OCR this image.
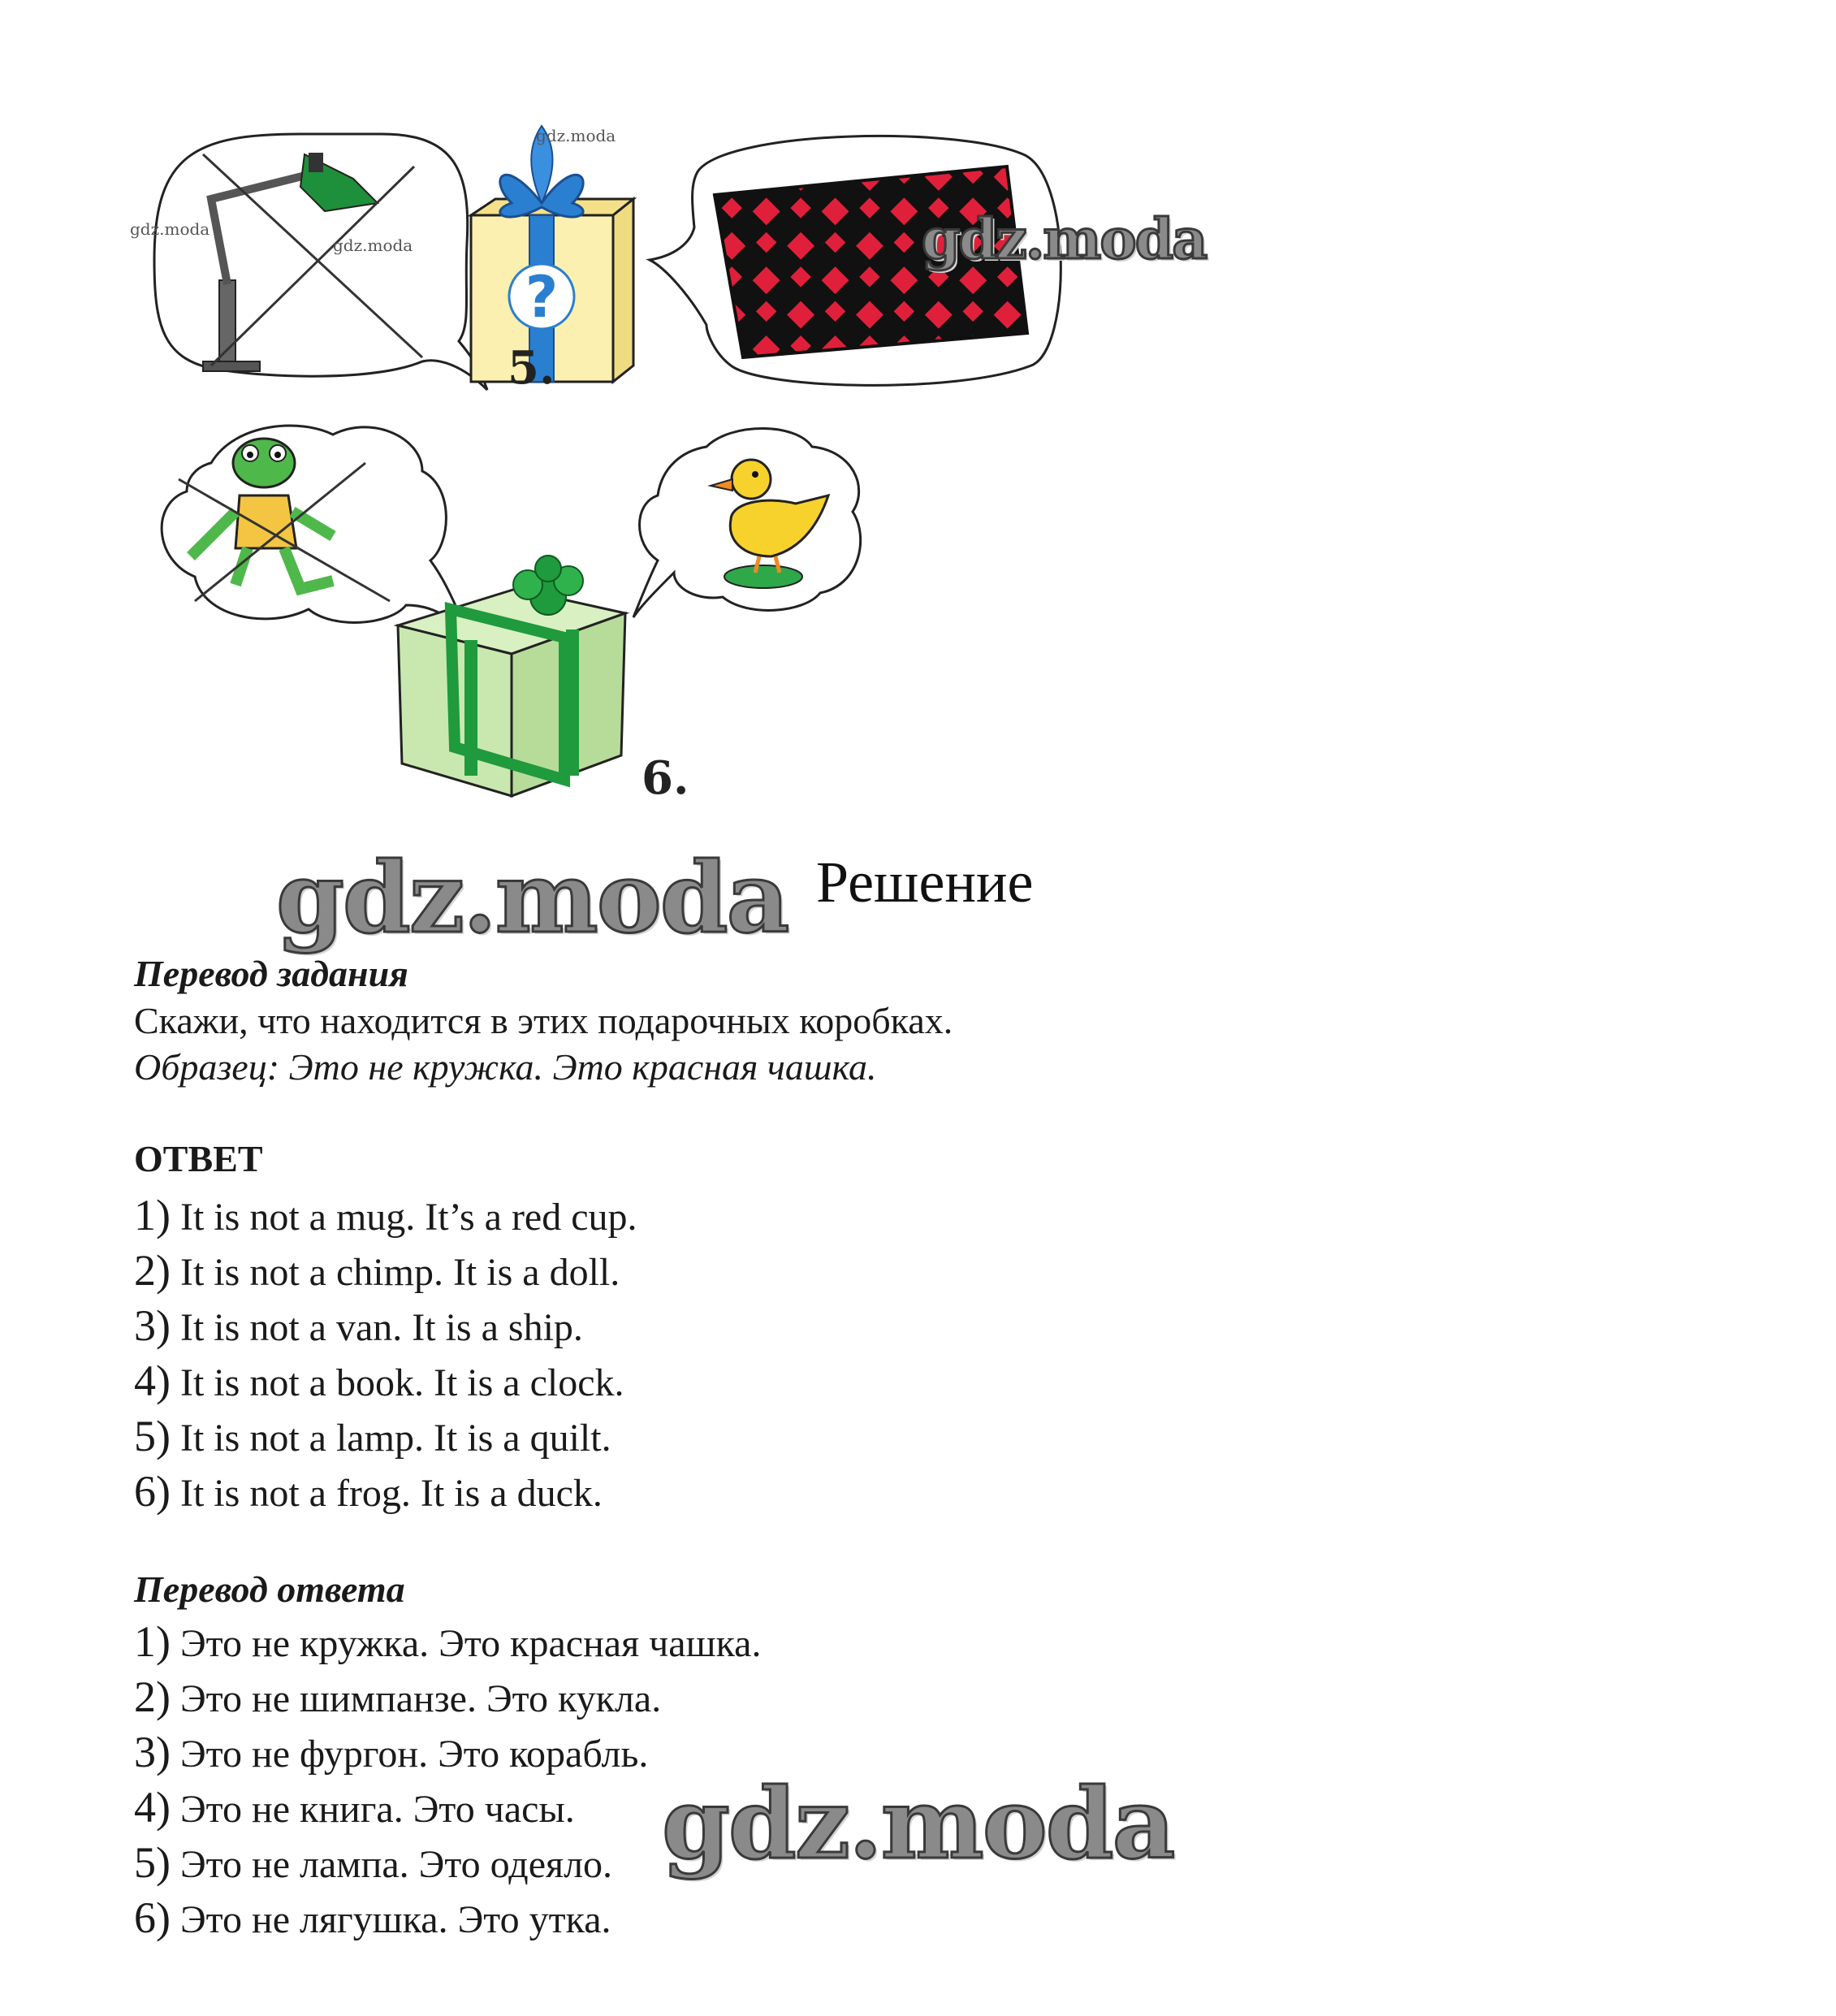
?
gdz.moda
gdz.moda
gdz.moda
gdz.moda
5.
6.
gdz.moda Решение
Перевод задания
Скажи, что находится в этих подарочных коробках.
Образец: Это не кружка. Это красная чашка.
ОТВЕТ
1) It is not a mug. It’s a red cup.
2) It is not a chimp. It is a doll.
3) It is not a van. It is a ship.
4) It is not a book. It is a clock.
5) It is not a lamp. It is a quilt.
6) It is not a frog. It is a duck.
Перевод ответа
1) Это не кружка. Это красная чашка.
2) Это не шимпанзе. Это кукла.
3) Это не фургон. Это корабль.
4) Это не книга. Это часы.
5) Это не лампа. Это одеяло.
6) Это не лягушка. Это утка.
gdz.moda
